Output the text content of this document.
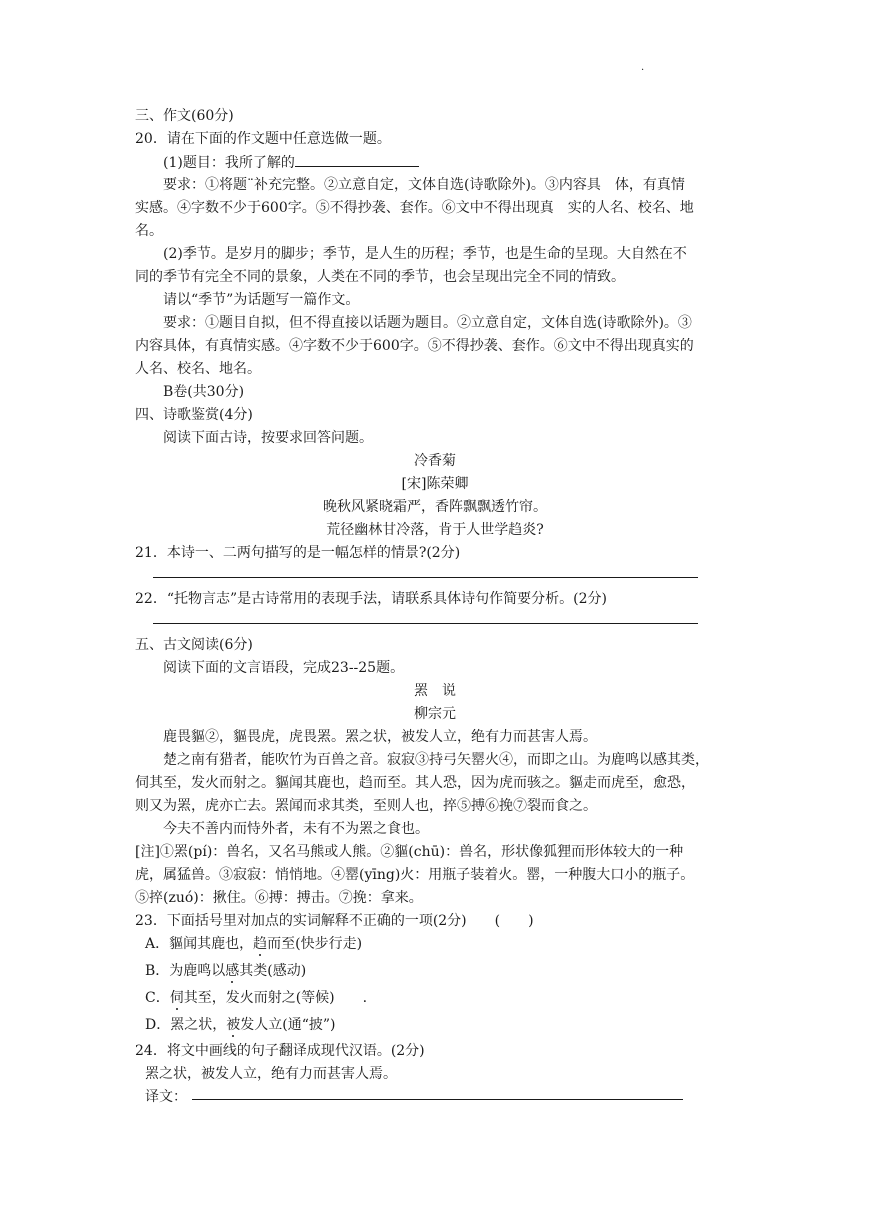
.
三、作文(60分)
20．请在下面的作文题中任意选做一题。
(1)题目：我所了解的
要求：①将题¨补充完整。②立意自定，文体自选(诗歌除外)。③内容具　体，有真情
实感。④字数不少于600字。⑤不得抄袭、套作。⑥文中不得出现真　实的人名、校名、地
名。
(2)季节。是岁月的脚步；季节，是人生的历程；季节，也是生命的呈现。大自然在不
同的季节有完全不同的景象，人类在不同的季节，也会呈现出完全不同的情致。
请以“季节”为话题写一篇作文。
要求：①题目自拟，但不得直接以话题为题目。②立意自定，文体自选(诗歌除外)。③
内容具体，有真情实感。④字数不少于600字。⑤不得抄袭、套作。⑥文中不得出现真实的
人名、校名、地名。
B卷(共30分)
四、诗歌鉴赏(4分)
阅读下面古诗，按要求回答问题。
冷香菊
[宋]陈荣卿
晚秋风紧晓霜严，香阵飘飘透竹帘。
荒径幽林甘冷落，肯于人世学趋炎?
21．本诗一、二两句描写的是一幅怎样的情景?(2分)
22．“托物言志”是古诗常用的表现手法，请联系具体诗句作简要分析。(2分)
五、古文阅读(6分)
阅读下面的文言语段，完成23--25题。
罴　说
柳宗元
鹿畏貙②，貙畏虎，虎畏罴。罴之状，被发人立，绝有力而甚害人焉。
楚之南有猎者，能吹竹为百兽之音。寂寂③持弓矢罂火④，而即之山。为鹿鸣以感其类，
伺其至，发火而射之。貙闻其鹿也，趋而至。其人恐，因为虎而骇之。貙走而虎至，愈恐，
则又为罴，虎亦亡去。罴闻而求其类，至则人也，捽⑤搏⑥挽⑦裂而食之。
今夫不善内而恃外者，未有不为罴之食也。
[注]①罴(pí)：兽名，又名马熊或人熊。②貙(chū)：兽名，形状像狐狸而形体较大的一种
虎，属猛兽。③寂寂：悄悄地。④罂(yīng)火：用瓶子装着火。罂，一种腹大口小的瓶子。
⑤捽(zuó)：揪住。⑥搏：搏击。⑦挽：拿来。
23．下面括号里对加点的实词解释不正确的一项(2分)　　(　　)
A．貙闻其鹿也，趋而至(快步行走)
B．为鹿鸣以感其类(感动)
C．伺其至，发火而射之(等候)　　.
D．罴之状，被发人立(通“披”)
24．将文中画线的句子翻译成现代汉语。(2分)
罴之状，被发人立，绝有力而甚害人焉。
译文：
